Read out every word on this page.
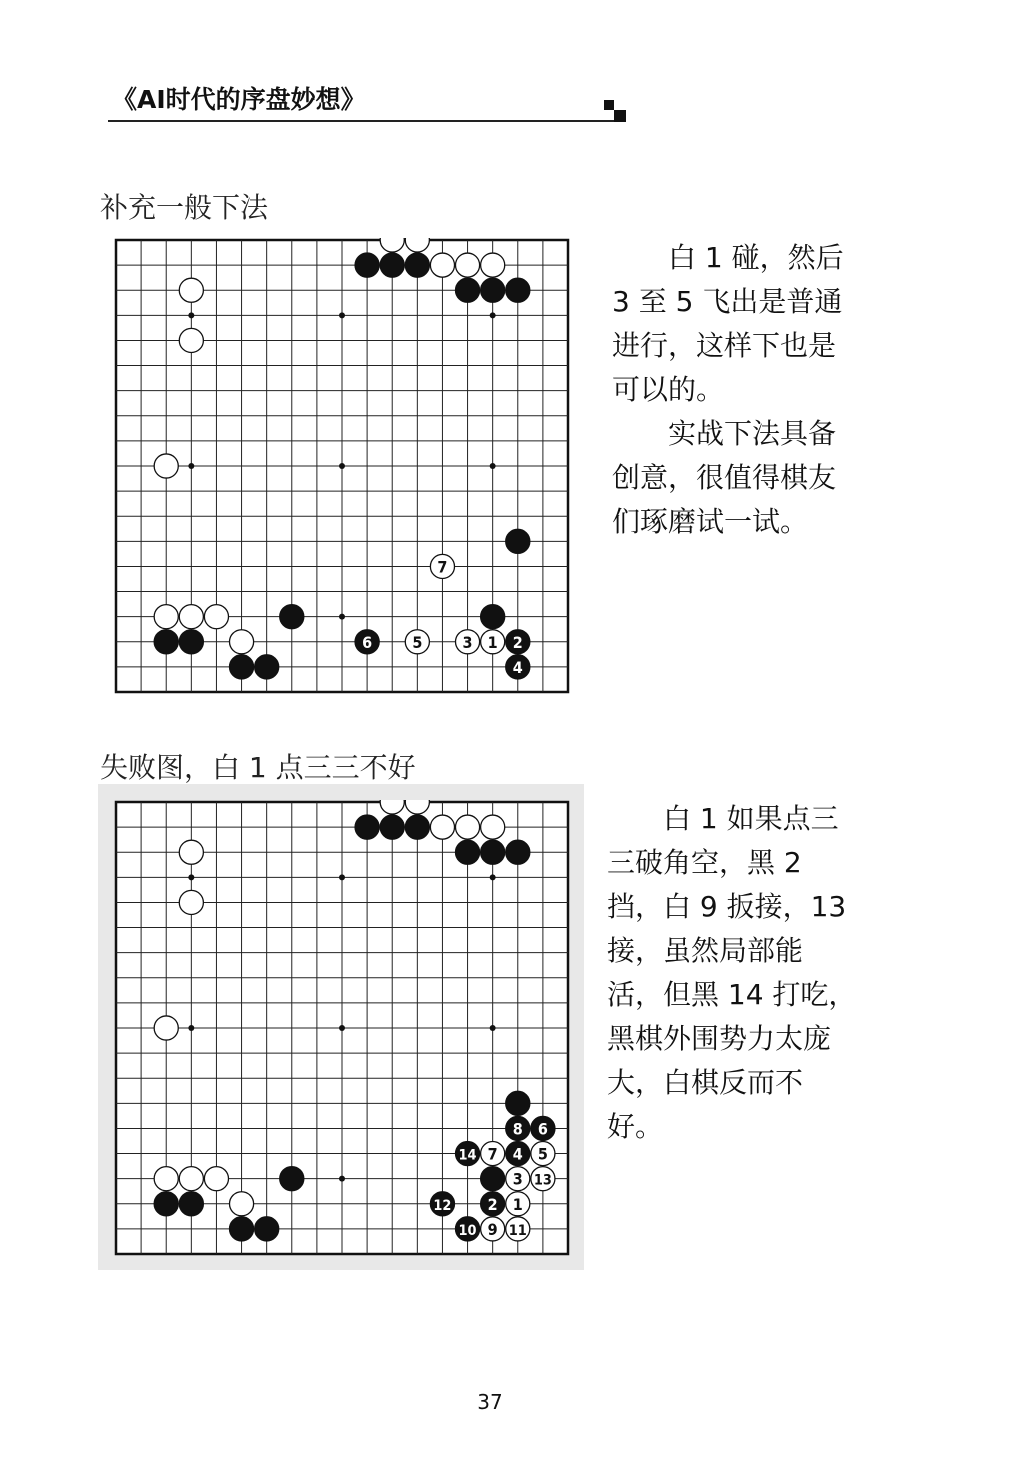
《AI时代的序盘妙想》
补充一般下法
7
6	5	3 1 2
4
　　白 1 碰，然后
3 至 5 飞出是普通
进行，这样下也是
可以的。
　　实战下法具备
创意，很值得棋友
们琢磨试一试。
失败图，白 1 点三三不好
8 6
14 7 4 5
3 13
12 2 1
10 9 11
　　白 1 如果点三
三破角空，黑 2
挡，白 9 扳接，13
接，虽然局部能
活，但黑 14 打吃，
黑棋外围势力太庞
大，白棋反而不
好。
37
